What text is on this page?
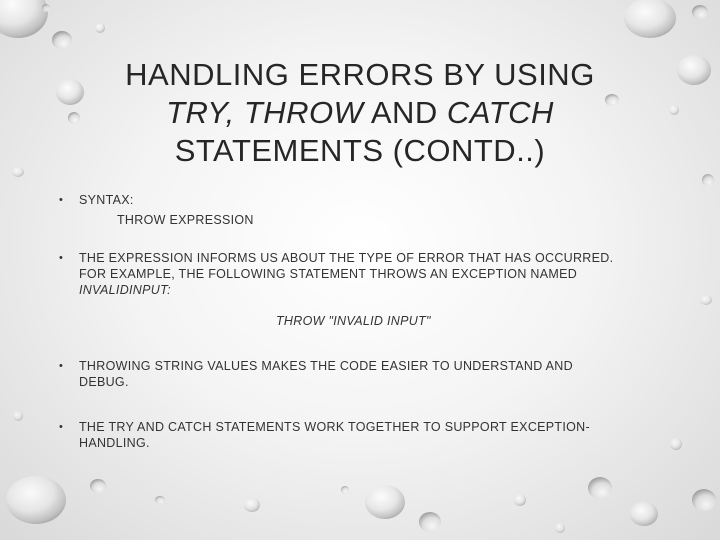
HANDLING ERRORS BY USING
TRY, THROW AND CATCH
STATEMENTS (CONTD..)
• SYNTAX:
THROW EXPRESSION
• THE EXPRESSION INFORMS US ABOUT THE TYPE OF ERROR THAT HAS OCCURRED.
FOR EXAMPLE, THE FOLLOWING STATEMENT THROWS AN EXCEPTION NAMED
INVALIDINPUT:
THROW "INVALID INPUT"
• THROWING STRING VALUES MAKES THE CODE EASIER TO UNDERSTAND AND
DEBUG.
• THE TRY AND CATCH STATEMENTS WORK TOGETHER TO SUPPORT EXCEPTION-
HANDLING.
